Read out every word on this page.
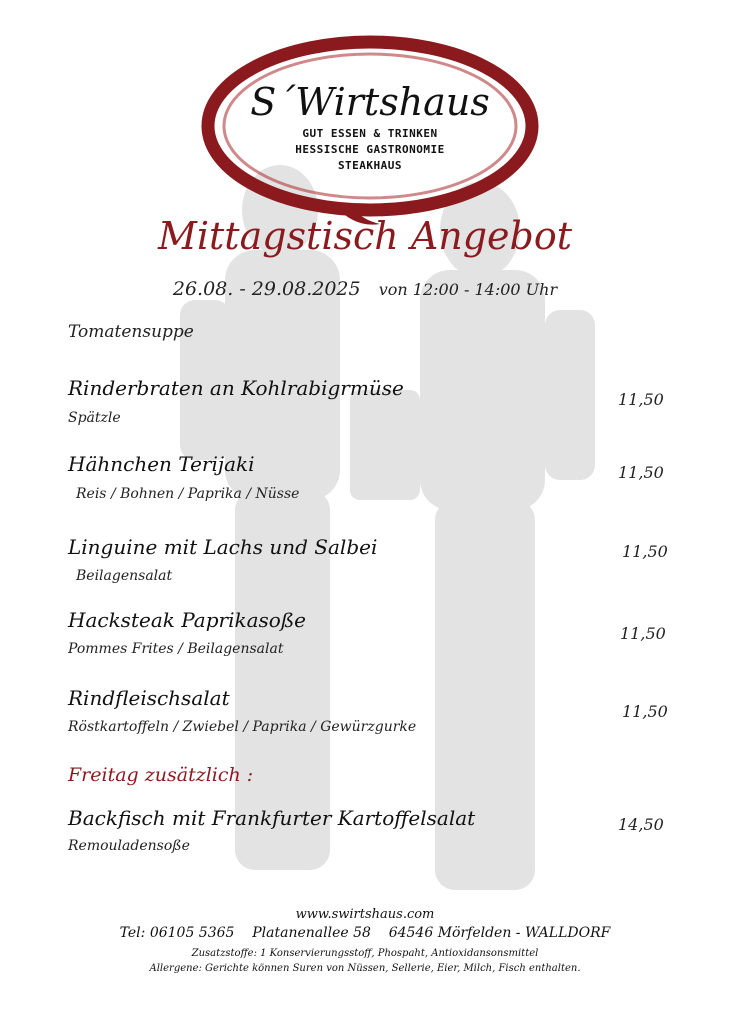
S´Wirtshaus
GUT ESSEN & TRINKEN
HESSISCHE GASTRONOMIE
STEAKHAUS
Mittagstisch Angebot
26.08. - 29.08.2025 von 12:00 - 14:00 Uhr
Tomatensuppe
Rinderbraten an Kohlrabigrmüse
Spätzle
11,50
Hähnchen Terijaki
Reis / Bohnen / Paprika / Nüsse
11,50
Linguine mit Lachs und Salbei
Beilagensalat
11,50
Hacksteak Paprikasoße
Pommes Frites / Beilagensalat
11,50
Rindfleischsalat
Röstkartoffeln / Zwiebel / Paprika / Gewürzgurke
11,50
Freitag zusätzlich :
Backfisch mit Frankfurter Kartoffelsalat
Remouladensoße
14,50
www.swirtshaus.com
Tel: 06105 5365    Platanenallee 58    64546 Mörfelden - WALLDORF
Zusatzstoffe: 1 Konservierungsstoff, Phospaht, Antioxidansonsmittel
Allergene: Gerichte können Suren von Nüssen, Sellerie, Eier, Milch, Fisch enthalten.
